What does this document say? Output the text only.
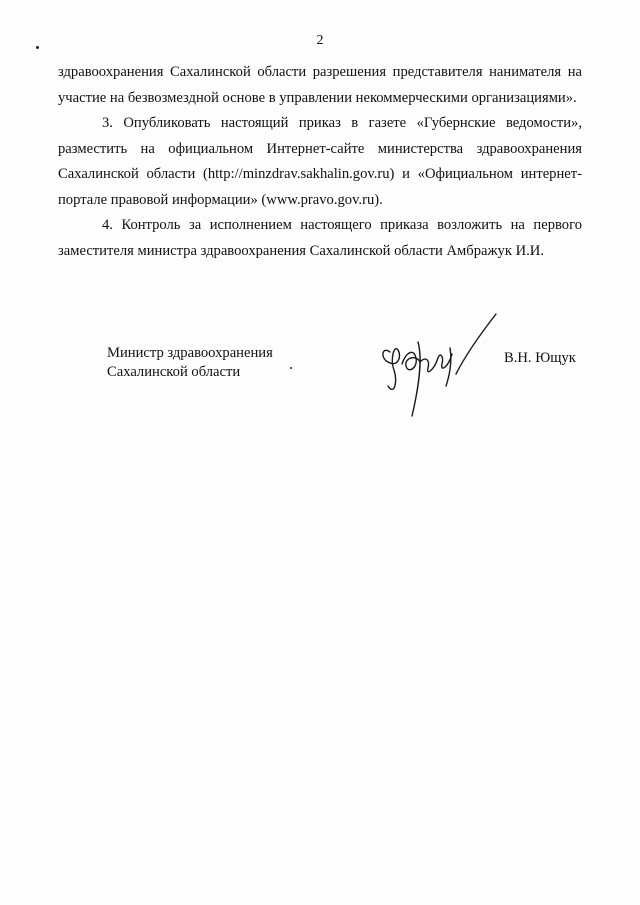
2

здравоохранения Сахалинской области разрешения представителя нанимателя на участие на безвозмездной основе в управлении некоммерческими организациями».

3. Опубликовать настоящий приказ в газете «Губернские ведомости», разместить на официальном Интернет-сайте министерства здравоохранения Сахалинской области (http://minzdrav.sakhalin.gov.ru) и «Официальном интернет-портале правовой информации» (www.pravo.gov.ru).

4. Контроль за исполнением настоящего приказа возложить на первого заместителя министра здравоохранения Сахалинской области Амбражук И.И.

Министр здравоохранения
Сахалинской области
В.Н. Ющук
